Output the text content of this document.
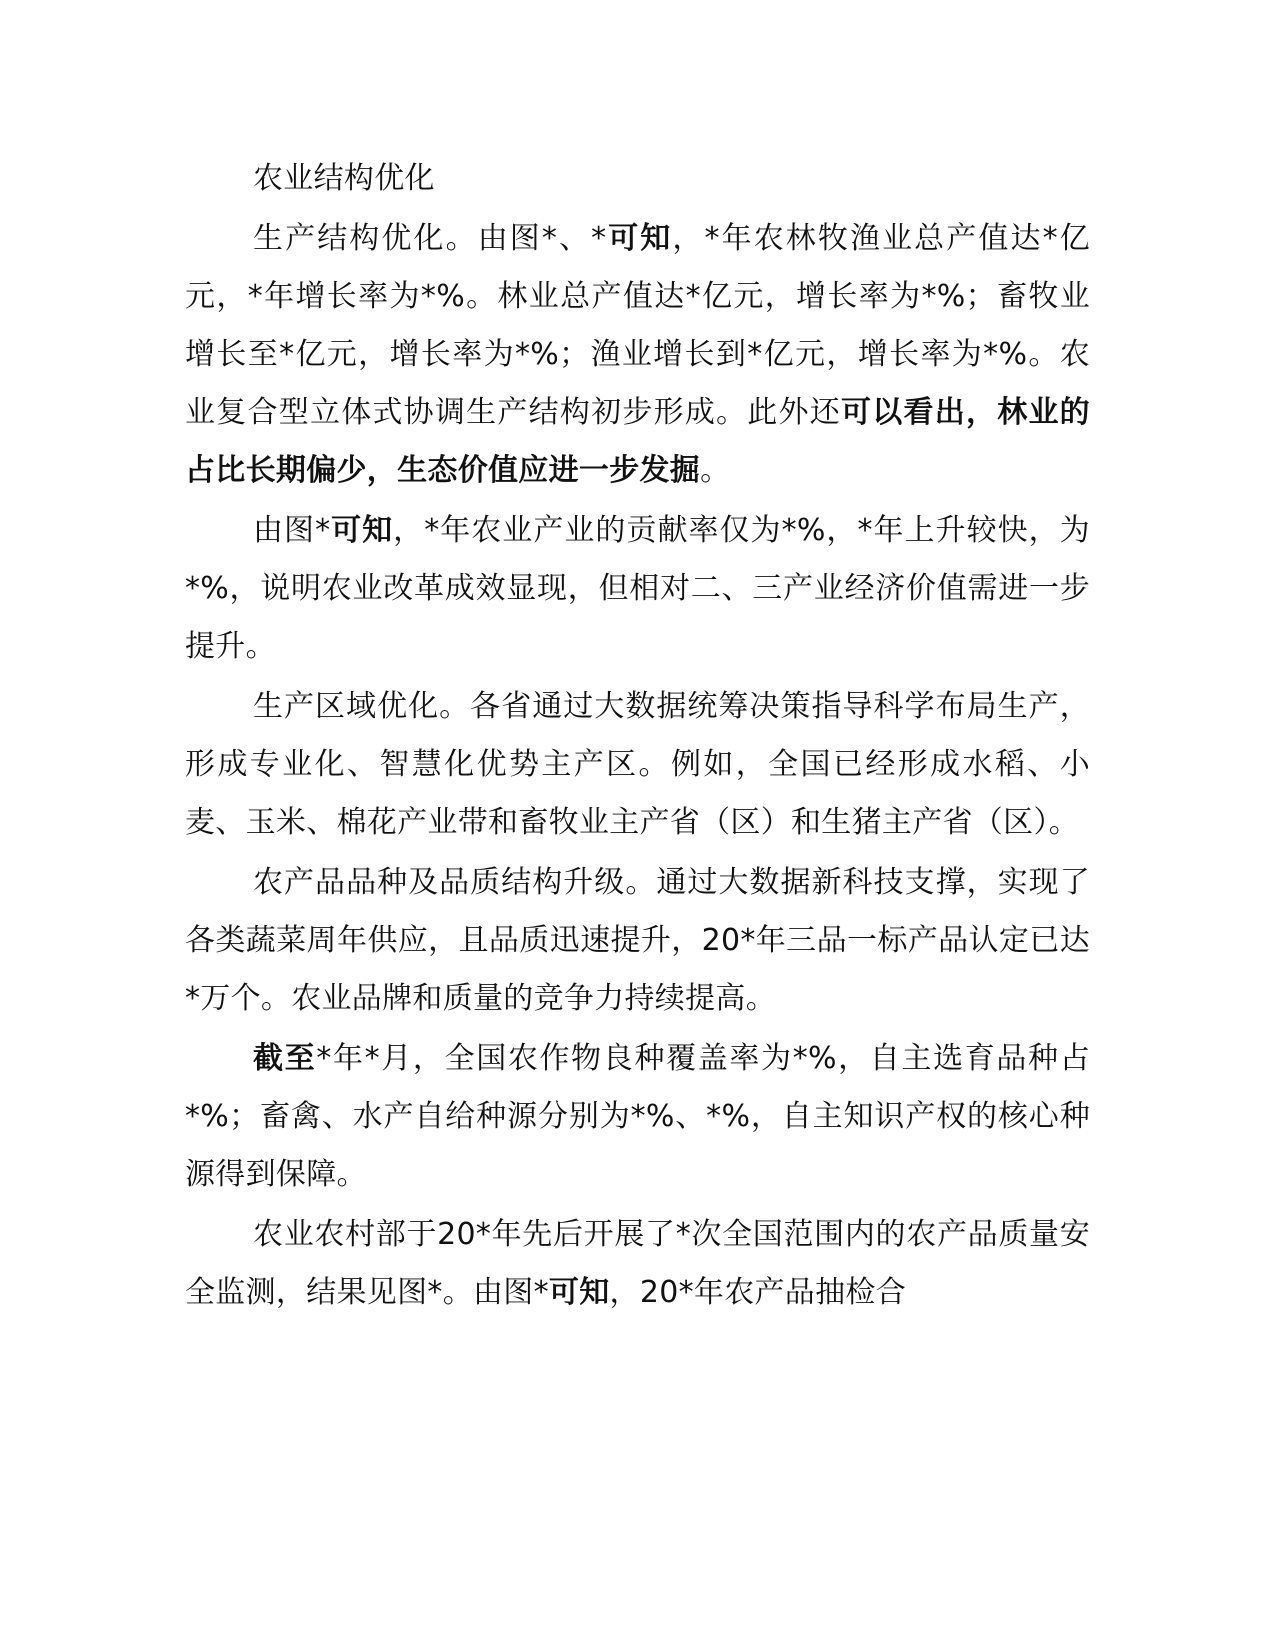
农业结构优化

生产结构优化。由图*、*可知，*年农林牧渔业总产值达*亿元，*年增长率为*%。林业总产值达*亿元，增长率为*%；畜牧业增长至*亿元，增长率为*%；渔业增长到*亿元，增长率为*%。农业复合型立体式协调生产结构初步形成。此外还可以看出，林业的占比长期偏少，生态价值应进一步发掘。

由图*可知，*年农业产业的贡献率仅为*%，*年上升较快，为*%，说明农业改革成效显现，但相对二、三产业经济价值需进一步提升。

生产区域优化。各省通过大数据统筹决策指导科学布局生产，形成专业化、智慧化优势主产区。例如，全国已经形成水稻、小麦、玉米、棉花产业带和畜牧业主产省（区）和生猪主产省（区）。

农产品品种及品质结构升级。通过大数据新科技支撑，实现了各类蔬菜周年供应，且品质迅速提升，20*年三品一标产品认定已达*万个。农业品牌和质量的竞争力持续提高。

截至*年*月，全国农作物良种覆盖率为*%，自主选育品种占*%；畜禽、水产自给种源分别为*%、*%，自主知识产权的核心种源得到保障。

农业农村部于20*年先后开展了*次全国范围内的农产品质量安全监测，结果见图*。由图*可知，20*年农产品抽检合
